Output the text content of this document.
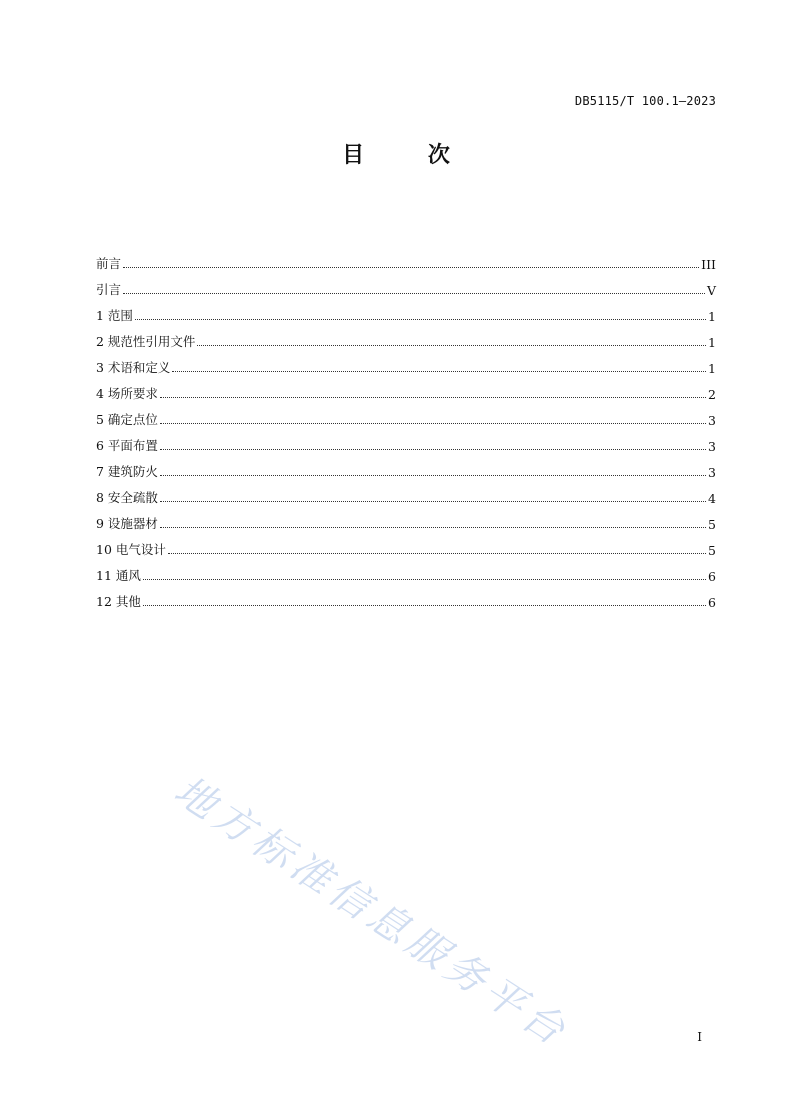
DB5115/T 100.1—2023
目 次
前言	III
引言	V
1 范围	1
2 规范性引用文件	1
3 术语和定义	1
4 场所要求	2
5 确定点位	3
6 平面布置	3
7 建筑防火	3
8 安全疏散	4
9 设施器材	5
10 电气设计	5
11 通风	6
12 其他	6
地方标准信息服务平台	I
